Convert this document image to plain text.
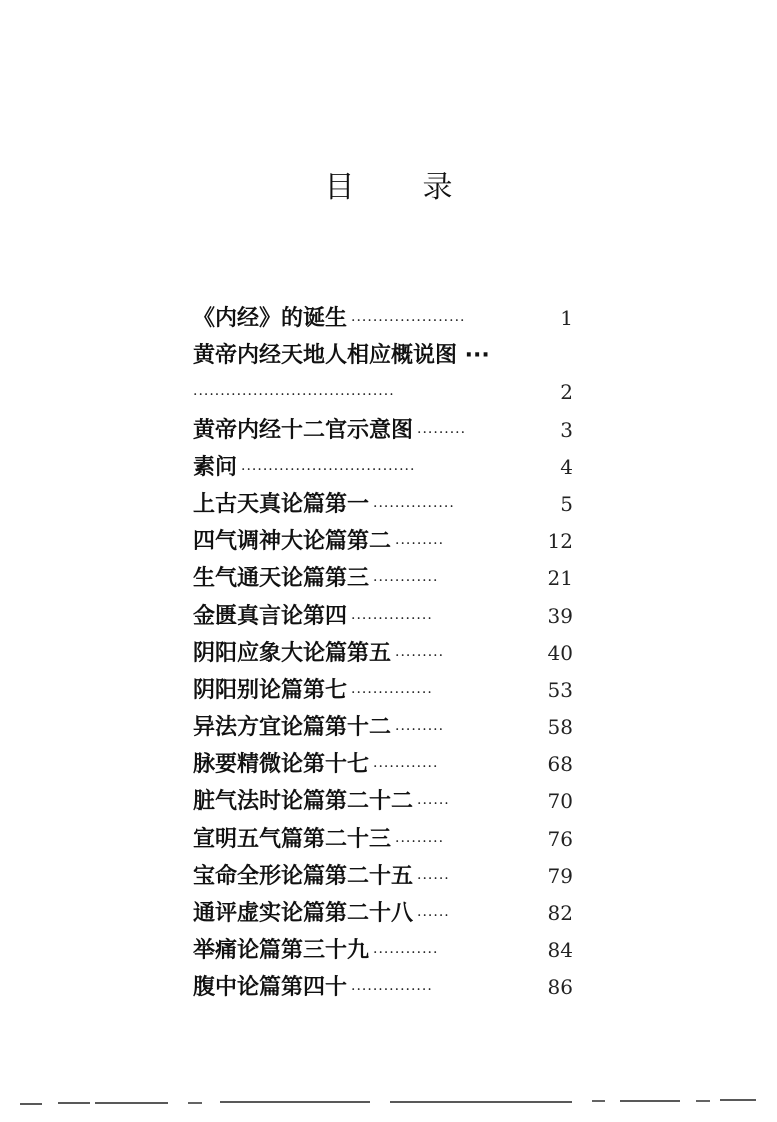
目 录
《内经》的诞生 ·····················	1
黄帝内经天地人相应概说图 ···
·····································	2
黄帝内经十二官示意图 ·········	3
素问 ································	4
上古天真论篇第一 ···············	5
四气调神大论篇第二 ·········	12
生气通天论篇第三 ············	21
金匮真言论第四 ···············	39
阴阳应象大论篇第五 ·········	40
阴阳别论篇第七 ···············	53
异法方宜论篇第十二 ·········	58
脉要精微论第十七 ············	68
脏气法时论篇第二十二 ······	70
宣明五气篇第二十三 ·········	76
宝命全形论篇第二十五 ······	79
通评虚实论篇第二十八 ······	82
举痛论篇第三十九 ············	84
腹中论篇第四十 ···············	86
